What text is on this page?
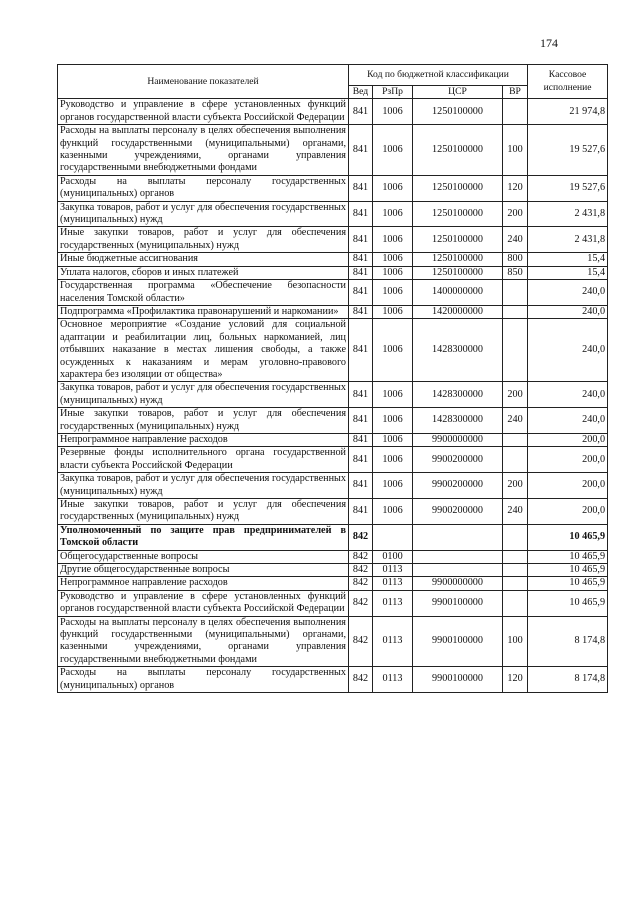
174
Наименование показателей	Код по бюджетной классификации				Кассовое исполнение
	Вед	РзПр	ЦСР	ВР	
Руководство и управление в сфере установленных функций органов государственной власти субъекта Российской Федерации	841	1006	1250100000		21 974,8
Расходы на выплаты персоналу в целях обеспечения выполнения функций государственными (муниципальными) органами, казенными учреждениями, органами управления государственными внебюджетными фондами	841	1006	1250100000	100	19 527,6
Расходы на выплаты персоналу государственных (муниципальных) органов	841	1006	1250100000	120	19 527,6
Закупка товаров, работ и услуг для обеспечения государственных (муниципальных) нужд	841	1006	1250100000	200	2 431,8
Иные закупки товаров, работ и услуг для обеспечения государственных (муниципальных) нужд	841	1006	1250100000	240	2 431,8
Иные бюджетные ассигнования	841	1006	1250100000	800	15,4
Уплата налогов, сборов и иных платежей	841	1006	1250100000	850	15,4
Государственная программа «Обеспечение безопасности населения Томской области»	841	1006	1400000000		240,0
Подпрограмма «Профилактика правонарушений и наркомании»	841	1006	1420000000		240,0
Основное мероприятие «Создание условий для социальной адаптации и реабилитации лиц, больных наркоманией, лиц отбывших наказание в местах лишения свободы, а также осужденных к наказаниям и мерам уголовно-правового характера без изоляции от общества»	841	1006	1428300000		240,0
Закупка товаров, работ и услуг для обеспечения государственных (муниципальных) нужд	841	1006	1428300000	200	240,0
Иные закупки товаров, работ и услуг для обеспечения государственных (муниципальных) нужд	841	1006	1428300000	240	240,0
Непрограммное направление расходов	841	1006	9900000000		200,0
Резервные фонды исполнительного органа государственной власти субъекта Российской Федерации	841	1006	9900200000		200,0
Закупка товаров, работ и услуг для обеспечения государственных (муниципальных) нужд	841	1006	9900200000	200	200,0
Иные закупки товаров, работ и услуг для обеспечения государственных (муниципальных) нужд	841	1006	9900200000	240	200,0
Уполномоченный по защите прав предпринимателей в Томской области	842				10 465,9
Общегосударственные вопросы	842	0100			10 465,9
Другие общегосударственные вопросы	842	0113			10 465,9
Непрограммное направление расходов	842	0113	9900000000		10 465,9
Руководство и управление в сфере установленных функций органов государственной власти субъекта Российской Федерации	842	0113	9900100000		10 465,9
Расходы на выплаты персоналу в целях обеспечения выполнения функций государственными (муниципальными) органами, казенными учреждениями, органами управления государственными внебюджетными фондами	842	0113	9900100000	100	8 174,8
Расходы на выплаты персоналу государственных (муниципальных) органов	842	0113	9900100000	120	8 174,8
